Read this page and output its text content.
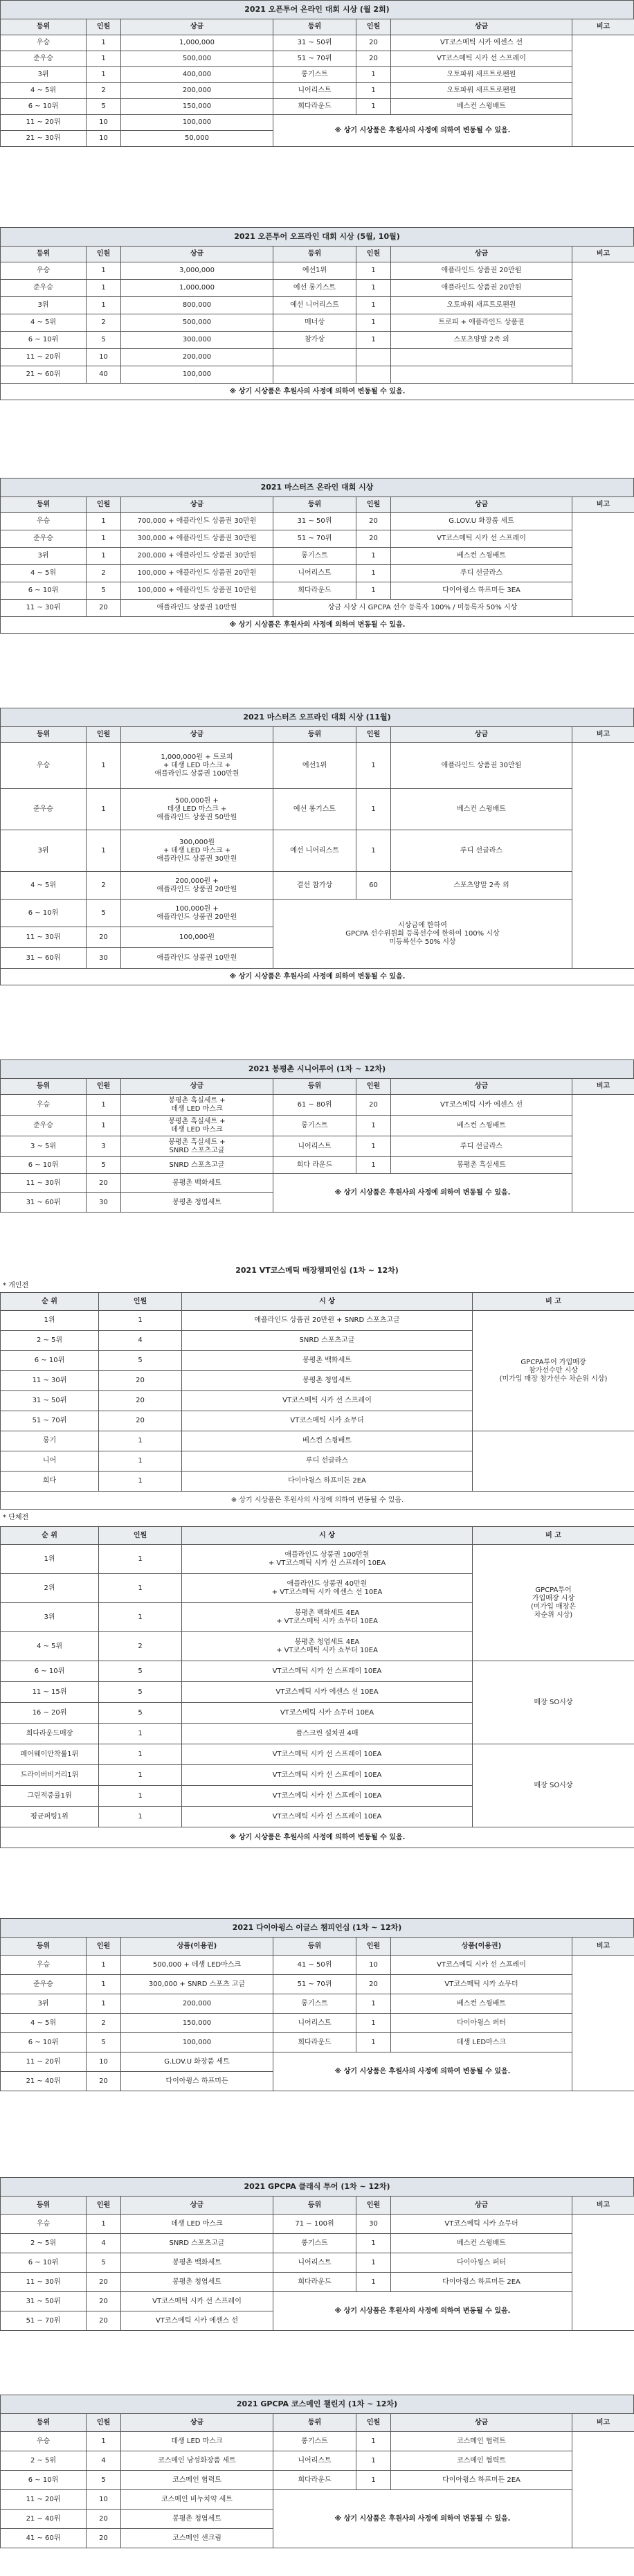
2021 오픈투어 온라인 대회 시상 (월 2회)
등위	인원	상금	등위	인원	상금	비고
우승	1	1,000,000	31 ~ 50위	20	VT코스메틱 시카 에센스 선	
준우승	1	500,000	51 ~ 70위	20	VT코스메틱 시카 선 스프레이	
3위	1	400,000	롱기스트	1	오토파워 새프트로팬원	
4 ~ 5위	2	200,000	니어리스트	1	오토파워 새프트로팬원	
6 ~ 10위	5	150,000	희다라운드	1	베스컨 스윙배트	
11 ~ 20위	10	100,000	※ 상기 시상품은 후원사의 사정에 의하여 변동될 수 있음.			
21 ~ 30위	10	50,000				
2021 오픈투어 오프라인 대회 시상 (5월, 10월)
등위	인원	상금	등위	인원	상금	비고
우승	1	3,000,000	예선1위	1	애플라인드 상품권 20만원	
준우승	1	1,000,000	예선 롱기스트	1	애플라인드 상품권 20만원	
3위	1	800,000	예선 니어리스트	1	오토파워 새프트로팬원	
4 ~ 5위	2	500,000	매너상	1	트로피 + 애플라인드 상품권	
6 ~ 10위	5	300,000	참가상	1	스포츠양말 2족 외	
11 ~ 20위	10	200,000				
21 ~ 60위	40	100,000				
※ 상기 시상품은 후원사의 사정에 의하여 변동될 수 있음.						
2021 마스터즈 온라인 대회 시상
등위	인원	상금	등위	인원	상금	비고
우승	1	700,000 + 애플라인드 상품권 30만원	31 ~ 50위	20	G.LOV.U 화장품 세트	
준우승	1	300,000 + 애플라인드 상품권 30만원	51 ~ 70위	20	VT코스메틱 시카 선 스프레이	
3위	1	200,000 + 애플라인드 상품권 30만원	롱기스트	1	베스컨 스윙배트	
4 ~ 5위	2	100,000 + 애플라인드 상품권 20만원	니어리스트	1	루디 선글라스	
6 ~ 10위	5	100,000 + 애플라인드 상품권 10만원	희다라운드	1	다이아윙스 하프미든 3EA	
11 ~ 30위	20	애플라인드 상품권 10만원	상금 시상 시 GPCPA 선수 등록자 100% / 미등록자 50% 시상			
※ 상기 시상품은 후원사의 사정에 의하여 변동될 수 있음.						
2021 마스터즈 오프라인 대회 시상 (11월)
등위	인원	상금	등위	인원	상금	비고
우승	1	1,000,000원 + 트로피
+ 데생 LED 마스크 +
애플라인드 상품권 100만원	예선1위	1	애플라인드 상품권 30만원	
준우승	1	500,000원 +
데생 LED 마스크 +
애플라인드 상품권 50만원	예선 롱기스트	1	베스컨 스윙배트	
3위	1	300,000원
+ 데생 LED 마스크 +
애플라인드 상품권 30만원	예선 니어리스트	1	루디 선글라스	
4 ~ 5위	2	200,000원 +
애플라인드 상품권 20만원	결선 참가상	60	스포츠양말 2족 외	
6 ~ 10위	5	100,000원 +
애플라인드 상품권 20만원	시상금에 한하여
GPCPA 선수위원회 등록선수에 한하여 100% 시상
미등록선수 50% 시상			
11 ~ 30위	20	100,000원				
31 ~ 60위	30	애플라인드 상품권 10만원				
※ 상기 시상품은 후원사의 사정에 의하여 변동될 수 있음.						
2021 봉평촌 시니어투어 (1차 ~ 12차)
등위	인원	상금	등위	인원	상금	비고
우승	1	봉평촌 흑실세트 +
데생 LED 마스크	61 ~ 80위	20	VT코스메틱 시카 에센스 선	
준우승	1	봉평촌 흑실세트 +
데생 LED 마스크	롱기스트	1	베스컨 스윙배트	
3 ~ 5위	3	봉평촌 흑실세트 +
SNRD 스포츠고글	니어리스트	1	루디 선글라스	
6 ~ 10위	5	SNRD 스포츠고글	희다 라운드	1	봉평촌 흑실세트	
11 ~ 30위	20	봉평촌 백화세트	※ 상기 시상품은 후원사의 사정에 의하여 변동될 수 있음.			
31 ~ 60위	30	봉평촌 청엽세트				
2021 VT코스메틱 매장챔피언십 (1차 ~ 12차)
* 개인전
순 위	인원	시 상	비 고
1위	1	애플라인드 상품권 20만원 + SNRD 스포츠고글	GPCPA투어 가입매장
참가선수만 시상
(미가입 매장 참가선수 차순위 시상)
2 ~ 5위	4	SNRD 스포츠고글	
6 ~ 10위	5	봉평촌 백화세트	
11 ~ 30위	20	봉평촌 청엽세트	
31 ~ 50위	20	VT코스메틱 시카 선 스프레이	
51 ~ 70위	20	VT코스메틱 시카 쇼무더	
롱기	1	베스컨 스윙배트	
니어	1	루디 선글라스	
희다	1	다이아윙스 하프미든 2EA	
※ 상기 시상품은 후원사의 사정에 의하여 변동될 수 있음.			
* 단체전
순 위	인원	시 상	비 고
1위	1	애플라인드 상품권 100만원
+ VT코스메틱 시카 선 스프레이 10EA	GPCPA투어
가입매장 시상
(미가입 매장은
차순위 시상)
2위	1	애플라인드 상품권 40만원
+ VT코스메틱 시카 에센스 선 10EA	
3위	1	봉평촌 백화세트 4EA
+ VT코스메틱 시카 쇼무더 10EA	
4 ~ 5위	2	봉평촌 청엽세트 4EA
+ VT코스메틱 시카 쇼무더 10EA	
6 ~ 10위	5	VT코스메틱 시카 선 스프레이 10EA	매장 SO시상
11 ~ 15위	5	VT코스메틱 시카 에센스 선 10EA	
16 ~ 20위	5	VT코스메틱 시카 쇼무더 10EA	
희다라운드매장	1	플스크린 설치권 4매	
페어웨이안착률1위	1	VT코스메틱 시카 선 스프레이 10EA	매장 SO시상
드라이버비거리1위	1	VT코스메틱 시카 선 스프레이 10EA	
그린적중률1위	1	VT코스메틱 시카 선 스프레이 10EA	
평균퍼팅1위	1	VT코스메틱 시카 선 스프레이 10EA	
※ 상기 시상품은 후원사의 사정에 의하여 변동될 수 있음.			
2021 다이아윙스 이글스 챔피언십 (1차 ~ 12차)
등위	인원	상품(이용권)	등위	인원	상품(이용권)	비고
우승	1	500,000 + 데생 LED마스크	41 ~ 50위	10	VT코스메틱 시카 선 스프레이	
준우승	1	300,000 + SNRD 스포츠 고글	51 ~ 70위	20	VT코스메틱 시카 쇼무더	
3위	1	200,000	롱기스트	1	베스컨 스윙배트	
4 ~ 5위	2	150,000	니어리스트	1	다이아윙스 퍼터	
6 ~ 10위	5	100,000	희다라운드	1	데생 LED마스크	
11 ~ 20위	10	G.LOV.U 화장품 세트	※ 상기 시상품은 후원사의 사정에 의하여 변동될 수 있음.			
21 ~ 40위	20	다이아윙스 하프미든				
2021 GPCPA 클래식 투어 (1차 ~ 12차)
등위	인원	상금	등위	인원	상금	비고
우승	1	데생 LED 마스크	71 ~ 100위	30	VT코스메틱 시카 쇼무더	
2 ~ 5위	4	SNRD 스포츠고글	롱기스트	1	베스컨 스윙배트	
6 ~ 10위	5	봉평촌 백화세트	니어리스트	1	다이아윙스 퍼터	
11 ~ 30위	20	봉평촌 청엽세트	희다라운드	1	다이아윙스 하프미든 2EA	
31 ~ 50위	20	VT코스메틱 시카 선 스프레이	※ 상기 시상품은 후원사의 사정에 의하여 변동될 수 있음.			
51 ~ 70위	20	VT코스메틱 시카 에센스 선				
2021 GPCPA 코스메인 챌린지 (1차 ~ 12차)
등위	인원	상금	등위	인원	상금	비고
우승	1	데생 LED 마스크	롱기스트	1	코스메인 협력트	
2 ~ 5위	4	코스메인 남성화장품 세트	니어리스트	1	코스메인 협력트	
6 ~ 10위	5	코스메인 협력트	희다라운드	1	다이아윙스 하프미든 2EA	
11 ~ 20위	10	코스메인 비누치약 세트	※ 상기 시상품은 후원사의 사정에 의하여 변동될 수 있음.			
21 ~ 40위	20	봉평촌 청엽세트				
41 ~ 60위	20	코스메인 샌크림				
